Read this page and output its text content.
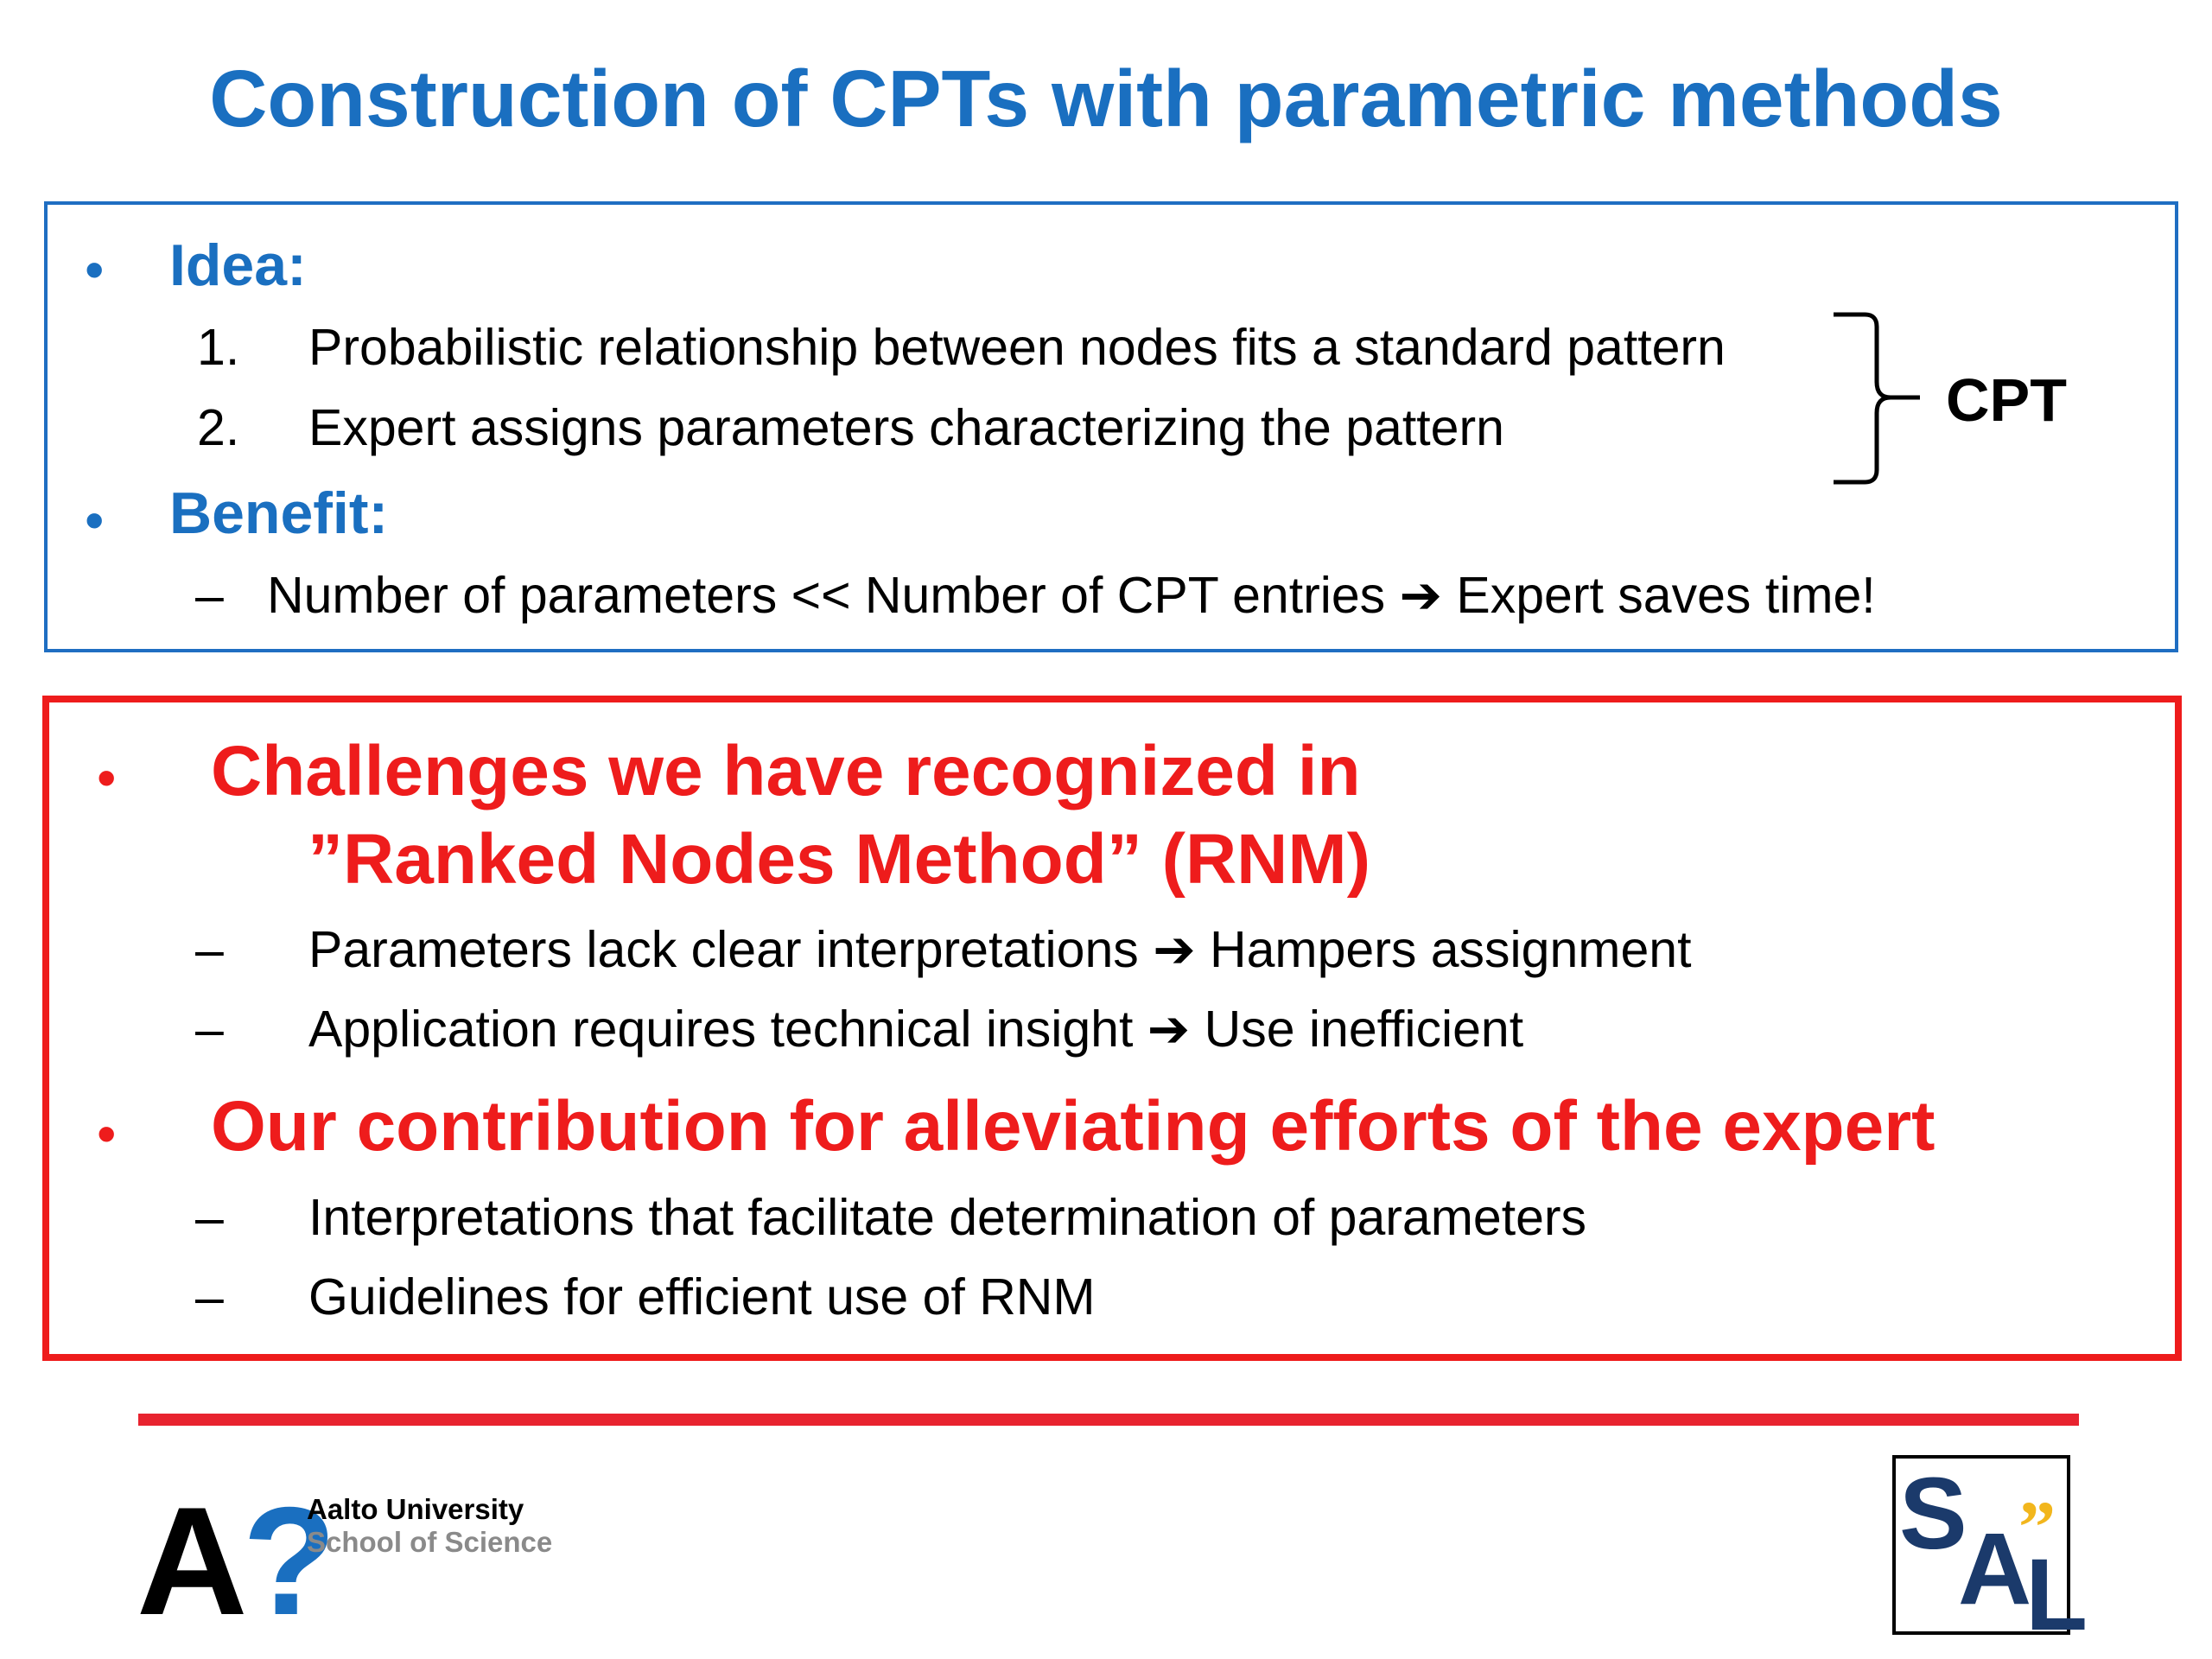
Construction of CPTs with parametric methods
• Idea:
1. Probabilistic relationship between nodes fits a standard pattern
2. Expert assigns parameters characterizing the pattern	CPT
• Benefit:
– Number of parameters << Number of CPT entries ➔ Expert saves time!
• Challenges we have recognized in
”Ranked Nodes Method” (RNM)
– Parameters lack clear interpretations ➔ Hampers assignment
– Application requires technical insight ➔ Use inefficient
• Our contribution for alleviating efforts of the expert
– Interpretations that facilitate determination of parameters
– Guidelines for efficient use of RNM
A?
Aalto University
School of Science	S
A
L
”
